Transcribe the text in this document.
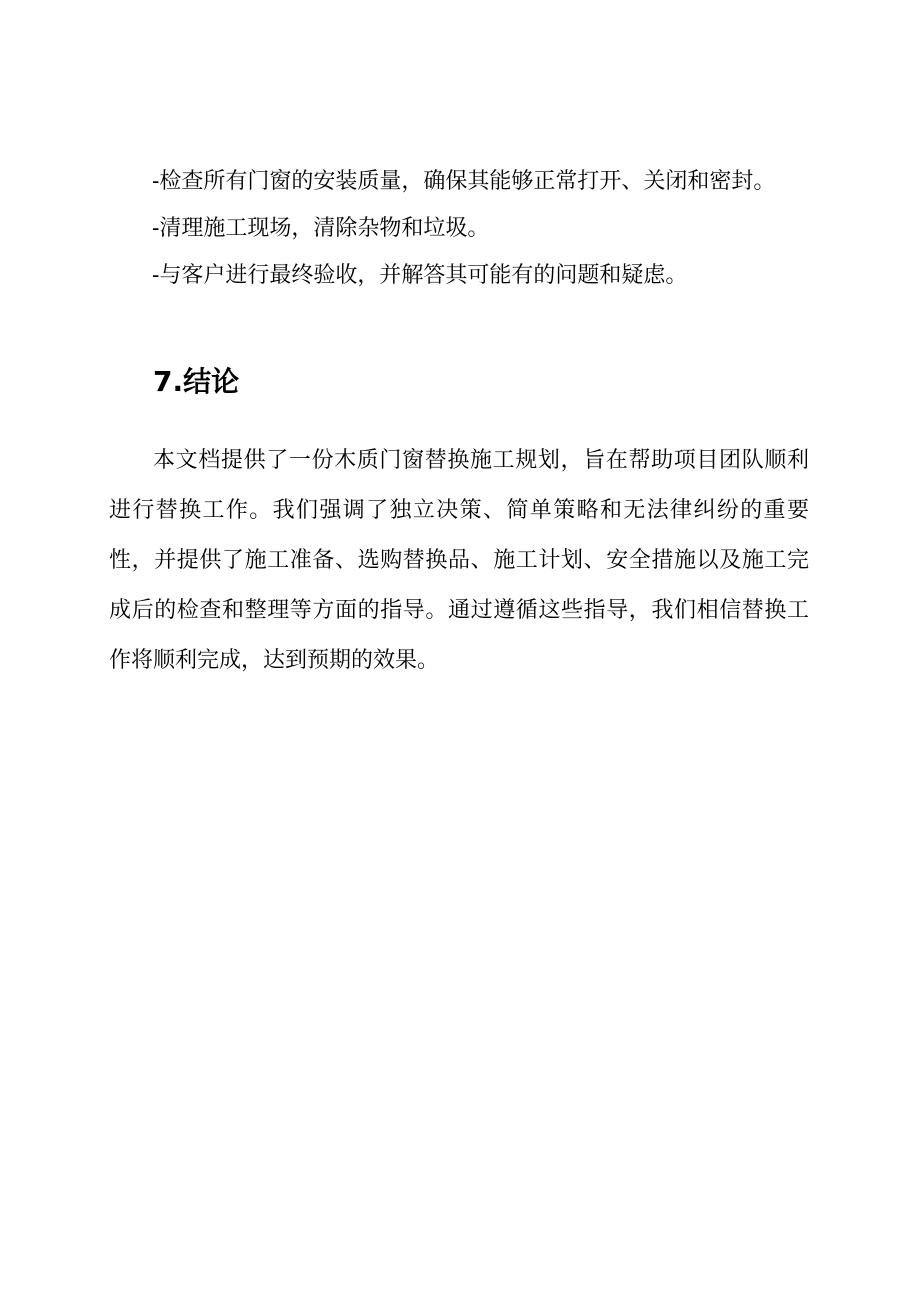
-检查所有门窗的安装质量，确保其能够正常打开、关闭和密封。
-清理施工现场，清除杂物和垃圾。
-与客户进行最终验收，并解答其可能有的问题和疑虑。
7.结论

本文档提供了一份木质门窗替换施工规划，旨在帮助项目团队顺利进行替换工作。我们强调了独立决策、简单策略和无法律纠纷的重要性，并提供了施工准备、选购替换品、施工计划、安全措施以及施工完成后的检查和整理等方面的指导。通过遵循这些指导，我们相信替换工作将顺利完成，达到预期的效果。
